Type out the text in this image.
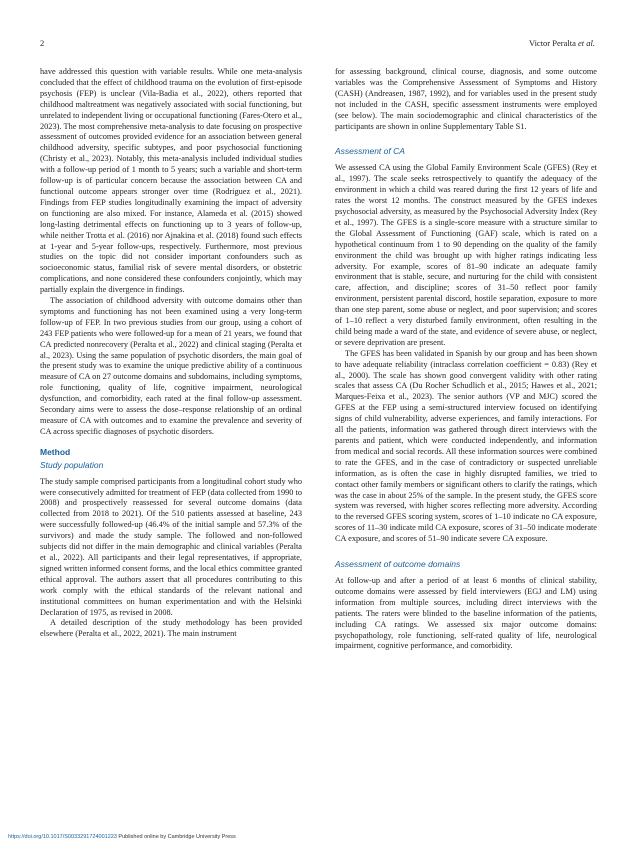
2	Victor Peralta et al.

have addressed this question with variable results. While one meta-analysis concluded that the effect of childhood trauma on the evolution of first-episode psychosis (FEP) is unclear (Vila-Badia et al., 2022), others reported that childhood maltreatment was negatively associated with social functioning, but unrelated to independent living or occupational functioning (Fares-Otero et al., 2023). The most comprehensive meta-analysis to date focusing on prospective assessment of outcomes provided evidence for an association between general childhood adversity, specific subtypes, and poor psychosocial functioning (Christy et al., 2023). Notably, this meta-analysis included individual studies with a follow-up period of 1 month to 5 years; such a variable and short-term follow-up is of particular concern because the association between CA and functional outcome appears stronger over time (Rodriguez et al., 2021). Findings from FEP studies longitudinally examining the impact of adversity on functioning are also mixed. For instance, Alameda et al. (2015) showed long-lasting detrimental effects on functioning up to 3 years of follow-up, while neither Trotta et al. (2016) nor Ajnakina et al. (2018) found such effects at 1-year and 5-year follow-ups, respectively. Furthermore, most previous studies on the topic did not consider important confounders such as socioeconomic status, familial risk of severe mental disorders, or obstetric complications, and none considered these confounders conjointly, which may partially explain the divergence in findings.

The association of childhood adversity with outcome domains other than symptoms and functioning has not been examined using a very long-term follow-up of FEP. In two previous studies from our group, using a cohort of 243 FEP patients who were followed-up for a mean of 21 years, we found that CA predicted nonrecovery (Peralta et al., 2022) and clinical staging (Peralta et al., 2023). Using the same population of psychotic disorders, the main goal of the present study was to examine the unique predictive ability of a continuous measure of CA on 27 outcome domains and subdomains, including symptoms, role functioning, quality of life, cognitive impairment, neurological dysfunction, and comorbidity, each rated at the final follow-up assessment. Secondary aims were to assess the dose–response relationship of an ordinal measure of CA with outcomes and to examine the prevalence and severity of CA across specific diagnoses of psychotic disorders.

Method
Study population

The study sample comprised participants from a longitudinal cohort study who were consecutively admitted for treatment of FEP (data collected from 1990 to 2008) and prospectively reassessed for several outcome domains (data collected from 2018 to 2021). Of the 510 patients assessed at baseline, 243 were successfully followed-up (46.4% of the initial sample and 57.3% of the survivors) and made the study sample. The followed and non-followed subjects did not differ in the main demographic and clinical variables (Peralta et al., 2022). All participants and their legal representatives, if appropriate, signed written informed consent forms, and the local ethics committee granted ethical approval. The authors assert that all procedures contributing to this work comply with the ethical standards of the relevant national and institutional committees on human experimentation and with the Helsinki Declaration of 1975, as revised in 2008.

A detailed description of the study methodology has been provided elsewhere (Peralta et al., 2022, 2021). The main instrument

for assessing background, clinical course, diagnosis, and some outcome variables was the Comprehensive Assessment of Symptoms and History (CASH) (Andreasen, 1987, 1992), and for variables used in the present study not included in the CASH, specific assessment instruments were employed (see below). The main sociodemographic and clinical characteristics of the participants are shown in online Supplementary Table S1.

Assessment of CA

We assessed CA using the Global Family Environment Scale (GFES) (Rey et al., 1997). The scale seeks retrospectively to quantify the adequacy of the environment in which a child was reared during the first 12 years of life and rates the worst 12 months. The construct measured by the GFES indexes psychosocial adversity, as measured by the Psychosocial Adversity Index (Rey et al., 1997). The GFES is a single-score measure with a structure similar to the Global Assessment of Functioning (GAF) scale, which is rated on a hypothetical continuum from 1 to 90 depending on the quality of the family environment the child was brought up with higher ratings indicating less adversity. For example, scores of 81–90 indicate an adequate family environment that is stable, secure, and nurturing for the child with consistent care, affection, and discipline; scores of 31–50 reflect poor family environment, persistent parental discord, hostile separation, exposure to more than one step parent, some abuse or neglect, and poor supervision; and scores of 1–10 reflect a very disturbed family environment, often resulting in the child being made a ward of the state, and evidence of severe abuse, or neglect, or severe deprivation are present.

The GFES has been validated in Spanish by our group and has been shown to have adequate reliability (intraclass correlation coefficient = 0.83) (Rey et al., 2000). The scale has shown good convergent validity with other rating scales that assess CA (Du Rocher Schudlich et al., 2015; Hawes et al., 2021; Marques-Feixa et al., 2023). The senior authors (VP and MJC) scored the GFES at the FEP using a semi-structured interview focused on identifying signs of child vulnerability, adverse experiences, and family interactions. For all the patients, information was gathered through direct interviews with the parents and patient, which were conducted independently, and information from medical and social records. All these information sources were combined to rate the GFES, and in the case of contradictory or suspected unreliable information, as is often the case in highly disrupted families, we tried to contact other family members or significant others to clarify the ratings, which was the case in about 25% of the sample. In the present study, the GFES score system was reversed, with higher scores reflecting more adversity. According to the reversed GFES scoring system, scores of 1–10 indicate no CA exposure, scores of 11–30 indicate mild CA exposure, scores of 31–50 indicate moderate CA exposure, and scores of 51–90 indicate severe CA exposure.

Assessment of outcome domains

At follow-up and after a period of at least 6 months of clinical stability, outcome domains were assessed by field interviewers (EGJ and LM) using information from multiple sources, including direct interviews with the patients. The raters were blinded to the baseline information of the patients, including CA ratings. We assessed six major outcome domains: psychopathology, role functioning, self-rated quality of life, neurological impairment, cognitive performance, and comorbidity.

https://doi.org/10.1017/S0033291724001223 Published online by Cambridge University Press
